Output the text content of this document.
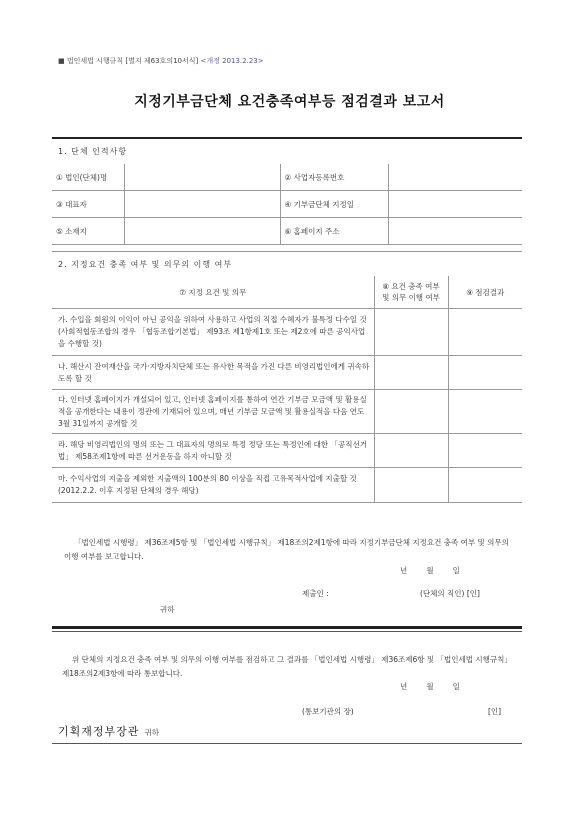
■ 법인세법 시행규칙 [별지 제63호의10서식] <개정 2013.2.23>
지정기부금단체 요건충족여부등 점검결과 보고서
1. 단체 인적사항
① 법인(단체)명		② 사업자등록번호	
③ 대표자		④ 기부금단체 지정일	
⑤ 소재지		⑥ 홈페이지 주소	
2. 지정요건 충족 여부 및 의무의 이행 여부
⑦ 지정 요건 및 의무	⑧ 요건 충족 여부 및 의무 이행 여부	⑨ 점검결과
가. 수입을 회원의 이익이 아닌 공익을 위하여 사용하고 사업의 직접 수혜자가 불특정 다수일 것(사회적협동조합의 경우 「협동조합기본법」 제93조 제1항제1호 또는 제2호에 따른 공익사업을 수행할 것)		
나. 해산시 잔여재산을 국가·지방자치단체 또는 유사한 목적을 가진 다른 비영리법인에게 귀속하도록 할 것		
다. 인터넷 홈페이지가 개설되어 있고, 인터넷 홈페이지를 통하여 연간 기부금 모금액 및 활용실적을 공개한다는 내용이 정관에 기재되어 있으며, 매년 기부금 모금액 및 활용실적을 다음 연도 3월 31일까지 공개할 것		
라. 해당 비영리법인의 명의 또는 그 대표자의 명의로 특정 정당 또는 특정인에 대한 「공직선거법」 제58조제1항에 따른 선거운동을 하지 아니할 것		
마. 수익사업의 지출을 제외한 지출액의 100분의 80 이상을 직접 고유목적사업에 지출할 것(2012.2.2. 이후 지정된 단체의 경우 해당)		
「법인세법 시행령」 제36조제5항 및 「법인세법 시행규칙」 제18조의2제1항에 따라 지정기부금단체 지정요건 충족 여부 및 의무의 이행 여부를 보고합니다.
년        월        일
제출인 :	(단체의 직인) [인]
귀하
위 단체의 지정요건 충족 여부 및 의무의 이행 여부를 점검하고 그 결과를 「법인세법 시행령」 제36조제6항 및 「법인세법 시행규칙」 제18조의2제3항에 따라 통보합니다.
년        월        일
(통보기관의 장)	[인]
기획재정부장관 귀하
